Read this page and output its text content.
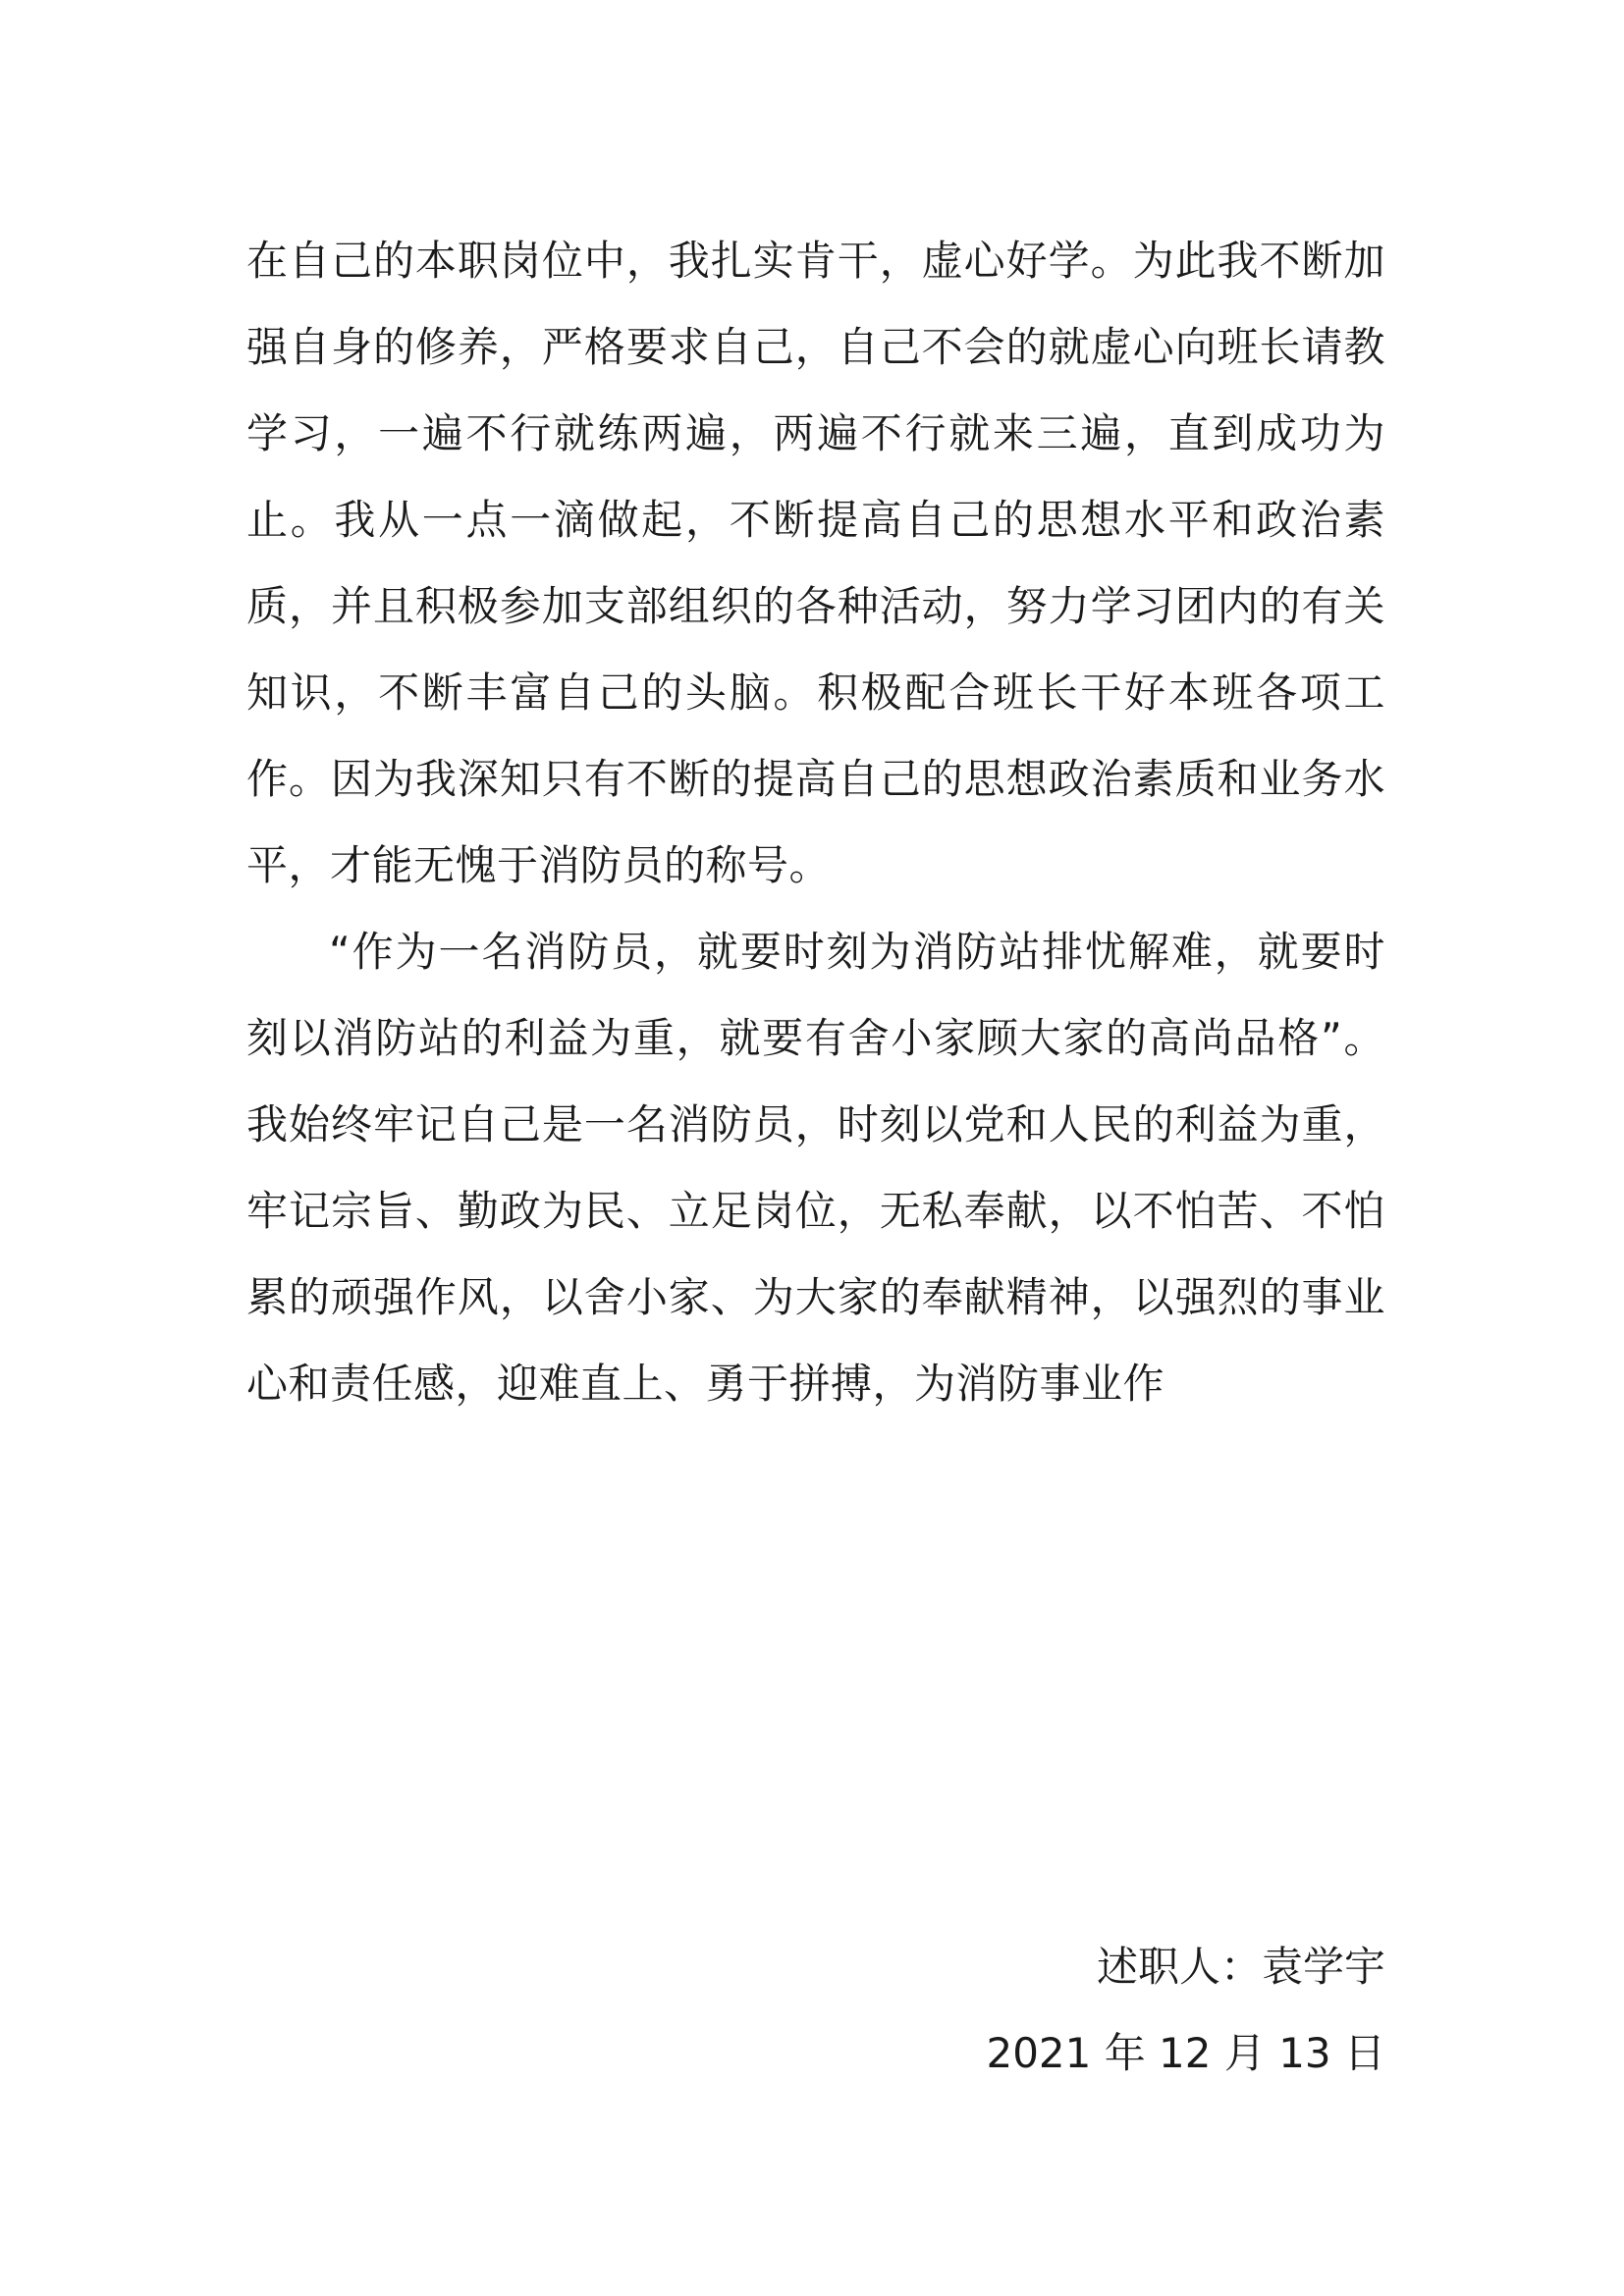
在自己的本职岗位中，我扎实肯干，虚心好学。为此我不断加强自身的修养，严格要求自己，自己不会的就虚心向班长请教学习，一遍不行就练两遍，两遍不行就来三遍，直到成功为止。我从一点一滴做起，不断提高自己的思想水平和政治素质，并且积极参加支部组织的各种活动，努力学习团内的有关知识，不断丰富自己的头脑。积极配合班长干好本班各项工作。因为我深知只有不断的提高自己的思想政治素质和业务水平，才能无愧于消防员的称号。

“作为一名消防员，就要时刻为消防站排忧解难，就要时刻以消防站的利益为重，就要有舍小家顾大家的高尚品格”。我始终牢记自己是一名消防员，时刻以党和人民的利益为重，牢记宗旨、勤政为民、立足岗位，无私奉献，以不怕苦、不怕累的顽强作风，以舍小家、为大家的奉献精神，以强烈的事业心和责任感，迎难直上、勇于拼搏，为消防事业作

述职人：袁学宇
2021 年 12 月 13 日
